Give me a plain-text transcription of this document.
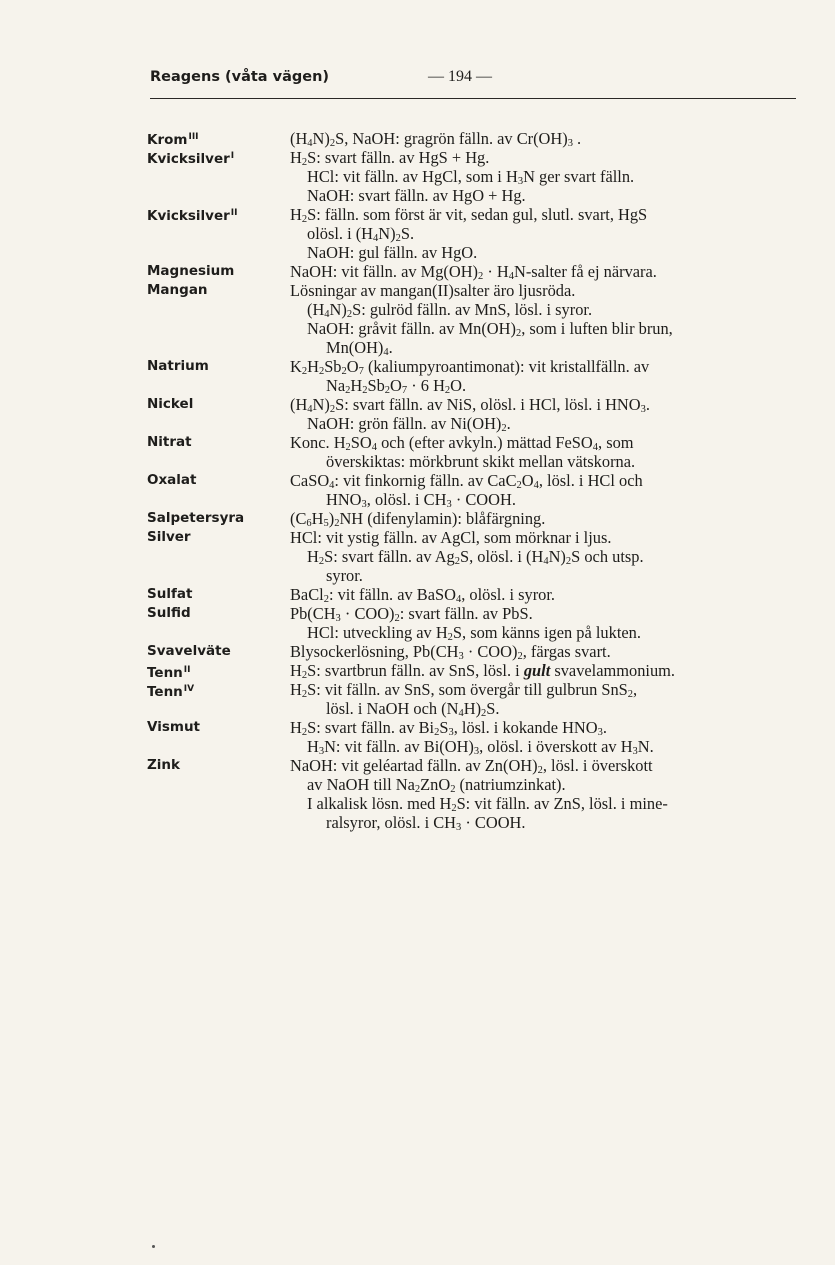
Reagens (våta vägen)	— 194 —
Krom$^{III}$
Kvicksilver$^I$
Kvicksilver$^{II}$
Magnesium
Mangan
Natrium
Nickel
Nitrat
Oxalat
Salpetersyra
Silver
Sulfat
Sulfid
Svavelväte
Tenn$^{II}$
Tenn$^{IV}$
Vismut
Zink
$(H_4N)_2S$, NaOH: gragrön fälln. av $Cr(OH)_3$ .
$H_2S$: svart fälln. av HgS + Hg.
HCl: vit fälln. av HgCl, som i $H_3N$ ger svart fälln.
NaOH: svart fälln. av HgO + Hg.
$H_2S$: fälln. som först är vit, sedan gul, slutl. svart, HgS
olösl. i $(H_4N)_2S$.
NaOH: gul fälln. av HgO.
NaOH: vit fälln. av $Mg(OH)_2$ · $H_4N$-salter få ej närvara.
Lösningar av mangan(II)salter äro ljusröda.
$(H_4N)_2S$: gulröd fälln. av MnS, lösl. i syror.
NaOH: gråvit fälln. av $Mn(OH)_2$, som i luften blir brun,
$Mn(OH)_4$.
$K_2H_2Sb_2O_7$ (kaliumpyroantimonat): vit kristallfälln. av
$Na_2H_2Sb_2O_7 \cdot 6$ $H_2O$.
$(H_4N)_2S$: svart fälln. av NiS, olösl. i HCl, lösl. i $HNO_3$.
NaOH: grön fälln. av $Ni(OH)_2$.
Konc. $H_2SO_4$ och (efter avkyln.) mättad FeSO$_4$, som
överskiktas: mörkbrunt skikt mellan vätskorna.
CaSO$_4$: vit finkornig fälln. av $CaC_2O_4$, lösl. i HCl och
$HNO_3$, olösl. i $CH_3$ · COOH.
$(C_6H_5)_2NH$ (difenylamin): blåfärgning.
HCl: vit ystig fälln. av AgCl, som mörknar i ljus.
$H_2S$: svart fälln. av $Ag_2S$, olösl. i $(H_4N)_2S$ och utsp.
syror.
BaCl$_2$: vit fälln. av BaSO$_4$, olösl. i syror.
$Pb(CH_3 \cdot COO)_2$: svart fälln. av PbS.
HCl: utveckling av $H_2S$, som känns igen på lukten.
Blysockerlösning, $Pb(CH_3 \cdot COO)_2$, färgas svart.
$H_2S$: svartbrun fälln. av SnS, lösl. i gult svavelammonium.
$H_2S$: vit fälln. av SnS, som övergår till gulbrun SnS$_2$,
lösl. i NaOH och $(N_4H)_2S$.
$H_2S$: svart fälln. av $Bi_2S_3$, lösl. i kokande $HNO_3$.
$H_3N$: vit fälln. av $Bi(OH)_3$, olösl. i överskott av $H_3N$.
NaOH: vit geléartad fälln. av $Zn(OH)_2$, lösl. i överskott
av NaOH till $Na_2ZnO_2$ (natriumzinkat).
I alkalisk lösn. med $H_2S$: vit fälln. av ZnS, lösl. i mine-
ralsyror, olösl. i $CH_3$ · COOH.
